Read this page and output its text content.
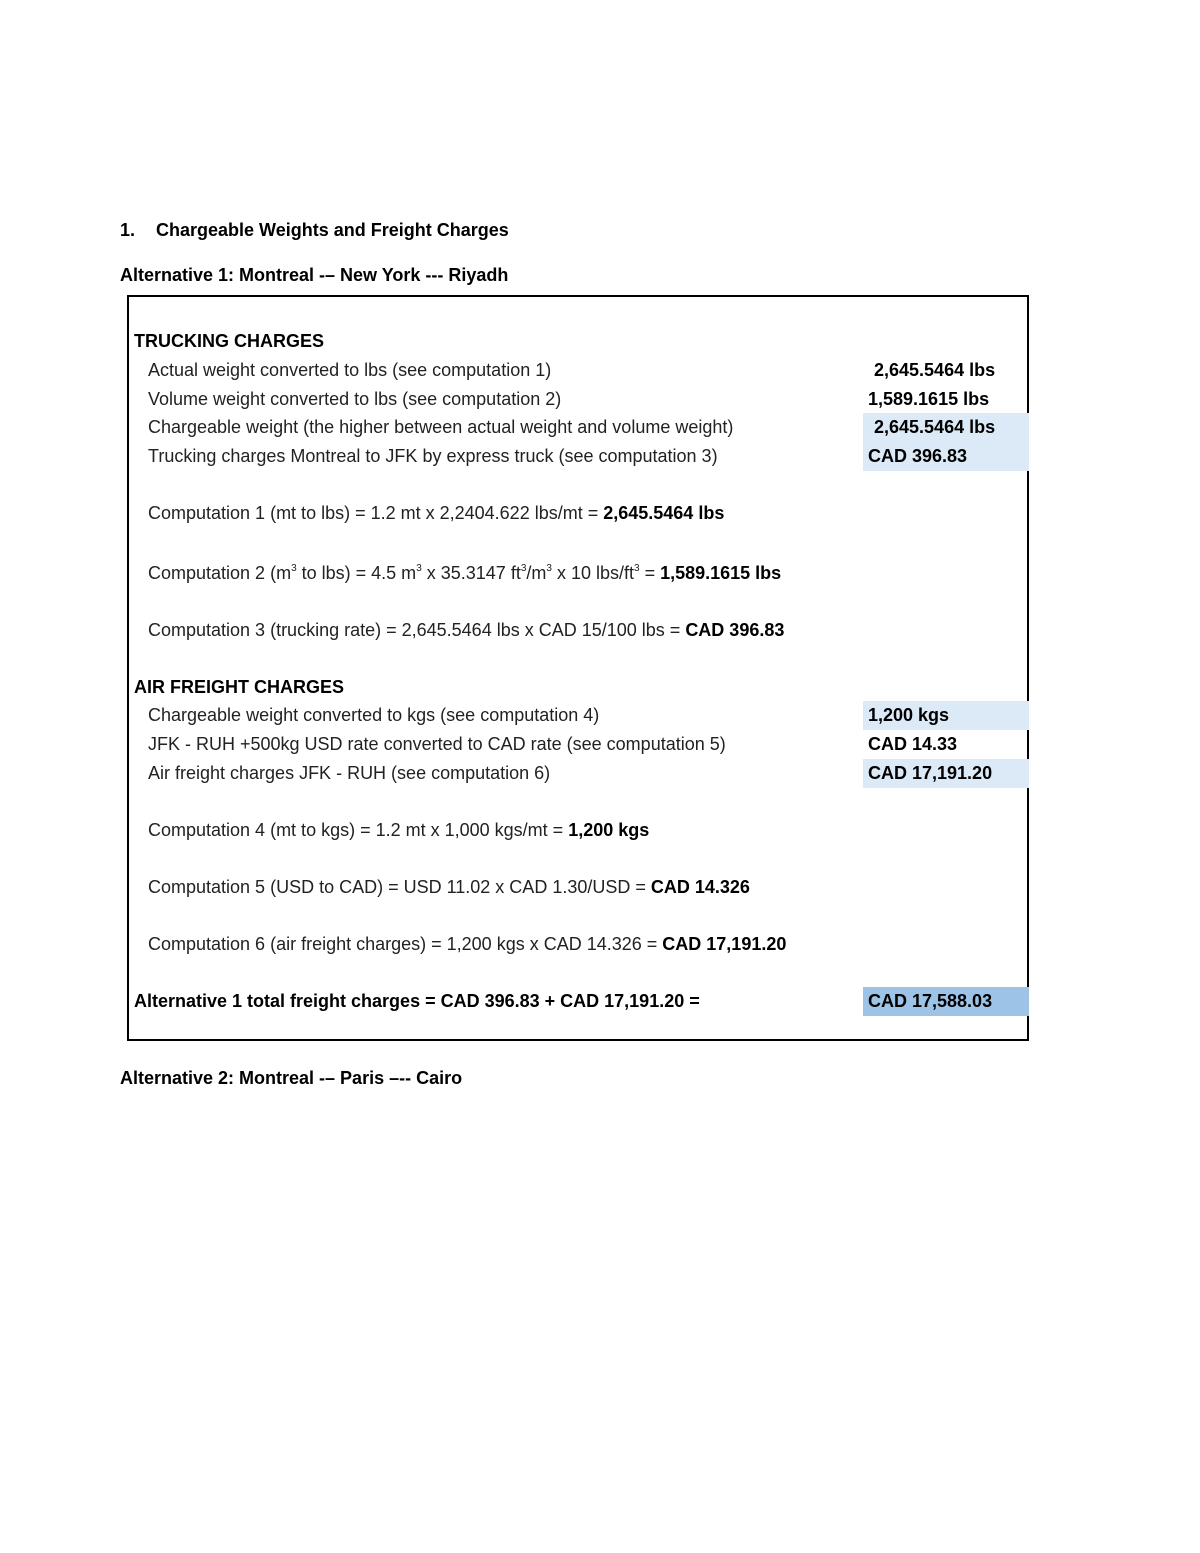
1. Chargeable Weights and Freight Charges
Alternative 1: Montreal -– New York --- Riyadh
TRUCKING CHARGES
Actual weight converted to lbs (see computation 1)	2,645.5464 lbs
Volume weight converted to lbs (see computation 2)	1,589.1615 lbs
Chargeable weight (the higher between actual weight and volume weight)	2,645.5464 lbs
Trucking charges Montreal to JFK by express truck (see computation 3)	CAD 396.83
Computation 1 (mt to lbs) = 1.2 mt x 2,2404.622 lbs/mt = 2,645.5464 lbs
Computation 2 ($m^3$ to lbs) = 4.5 $m^3$ x 35.3147 $ft^3/m^3$ x 10 lbs/$ft^3 = 1,589.1615$ lbs
Computation 3 (trucking rate) = 2,645.5464 lbs x CAD 15/100 lbs = CAD 396.83
AIR FREIGHT CHARGES
Chargeable weight converted to kgs (see computation 4)	1,200 kgs
JFK - RUH +500kg USD rate converted to CAD rate (see computation 5)	CAD 14.33
Air freight charges JFK - RUH (see computation 6)	CAD 17,191.20
Computation 4 (mt to kgs) = 1.2 mt x 1,000 kgs/mt = 1,200 kgs
Computation 5 (USD to CAD) = USD 11.02 x CAD 1.30/USD = CAD 14.326
Computation 6 (air freight charges) = 1,200 kgs x CAD 14.326 = CAD 17,191.20
Alternative 1 total freight charges = CAD 396.83 + CAD 17,191.20 =	CAD 17,588.03
Alternative 2: Montreal -– Paris –-- Cairo
